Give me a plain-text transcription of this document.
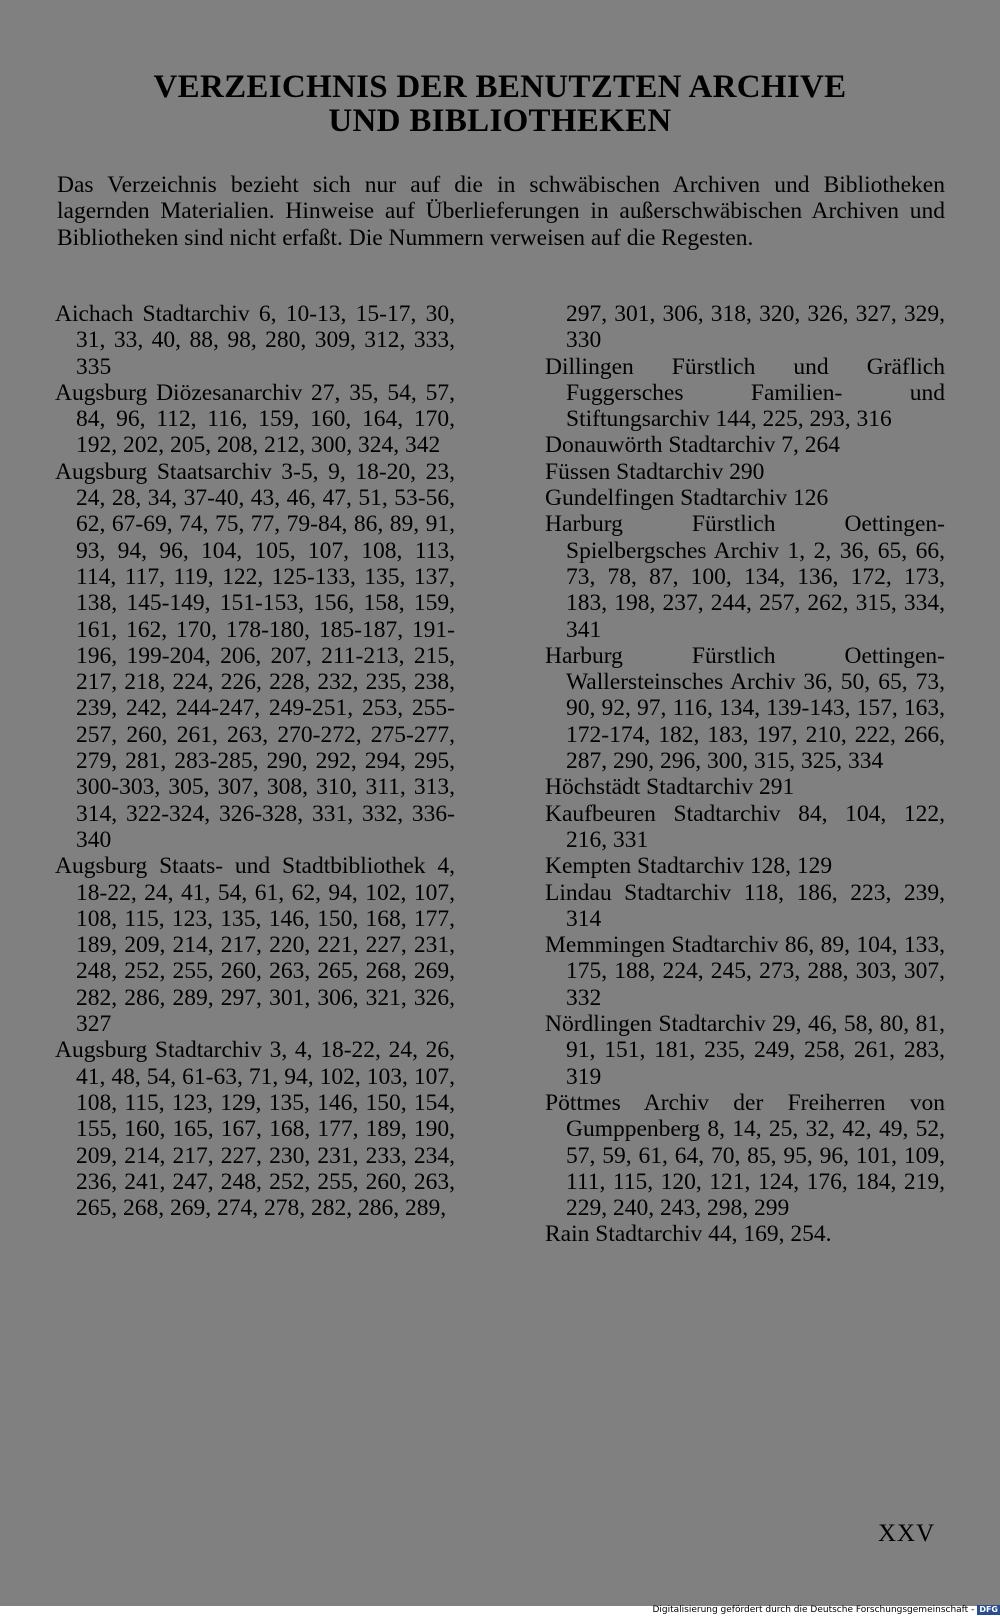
VERZEICHNIS DER BENUTZTEN ARCHIVE
UND BIBLIOTHEKEN
Das Verzeichnis bezieht sich nur auf die in schwäbischen Archiven und Bibliotheken lagernden Materialien. Hinweise auf Überlieferungen in außerschwäbischen Archiven und Bibliotheken sind nicht erfaßt. Die Nummern verweisen auf die Regesten.
Aichach Stadtarchiv 6, 10-13, 15-17, 30, 31, 33, 40, 88, 98, 280, 309, 312, 333, 335
Augsburg Diözesanarchiv 27, 35, 54, 57, 84, 96, 112, 116, 159, 160, 164, 170, 192, 202, 205, 208, 212, 300, 324, 342
Augsburg Staatsarchiv 3-5, 9, 18-20, 23, 24, 28, 34, 37-40, 43, 46, 47, 51, 53-56, 62, 67-69, 74, 75, 77, 79-84, 86, 89, 91, 93, 94, 96, 104, 105, 107, 108, 113, 114, 117, 119, 122, 125-133, 135, 137, 138, 145-149, 151-153, 156, 158, 159, 161, 162, 170, 178-180, 185-187, 191-196, 199-204, 206, 207, 211-213, 215, 217, 218, 224, 226, 228, 232, 235, 238, 239, 242, 244-247, 249-251, 253, 255-257, 260, 261, 263, 270-272, 275-277, 279, 281, 283-285, 290, 292, 294, 295, 300-303, 305, 307, 308, 310, 311, 313, 314, 322-324, 326-328, 331, 332, 336-340
Augsburg Staats- und Stadtbibliothek 4, 18-22, 24, 41, 54, 61, 62, 94, 102, 107, 108, 115, 123, 135, 146, 150, 168, 177, 189, 209, 214, 217, 220, 221, 227, 231, 248, 252, 255, 260, 263, 265, 268, 269, 282, 286, 289, 297, 301, 306, 321, 326, 327
Augsburg Stadtarchiv 3, 4, 18-22, 24, 26, 41, 48, 54, 61-63, 71, 94, 102, 103, 107, 108, 115, 123, 129, 135, 146, 150, 154, 155, 160, 165, 167, 168, 177, 189, 190, 209, 214, 217, 227, 230, 231, 233, 234, 236, 241, 247, 248, 252, 255, 260, 263, 265, 268, 269, 274, 278, 282, 286, 289,
297, 301, 306, 318, 320, 326, 327, 329, 330
Dillingen Fürstlich und Gräflich Fuggersches Familien- und Stiftungsarchiv 144, 225, 293, 316
Donauwörth Stadtarchiv 7, 264
Füssen Stadtarchiv 290
Gundelfingen Stadtarchiv 126
Harburg Fürstlich Oettingen-Spielbergsches Archiv 1, 2, 36, 65, 66, 73, 78, 87, 100, 134, 136, 172, 173, 183, 198, 237, 244, 257, 262, 315, 334, 341
Harburg Fürstlich Oettingen-Wallersteinsches Archiv 36, 50, 65, 73, 90, 92, 97, 116, 134, 139-143, 157, 163, 172-174, 182, 183, 197, 210, 222, 266, 287, 290, 296, 300, 315, 325, 334
Höchstädt Stadtarchiv 291
Kaufbeuren Stadtarchiv 84, 104, 122, 216, 331
Kempten Stadtarchiv 128, 129
Lindau Stadtarchiv 118, 186, 223, 239, 314
Memmingen Stadtarchiv 86, 89, 104, 133, 175, 188, 224, 245, 273, 288, 303, 307, 332
Nördlingen Stadtarchiv 29, 46, 58, 80, 81, 91, 151, 181, 235, 249, 258, 261, 283, 319
Pöttmes Archiv der Freiherren von Gumppenberg 8, 14, 25, 32, 42, 49, 52, 57, 59, 61, 64, 70, 85, 95, 96, 101, 109, 111, 115, 120, 121, 124, 176, 184, 219, 229, 240, 243, 298, 299
Rain Stadtarchiv 44, 169, 254.
XXV
Digitalisierung gefördert durch die Deutsche Forschungsgemeinschaft - DFG
